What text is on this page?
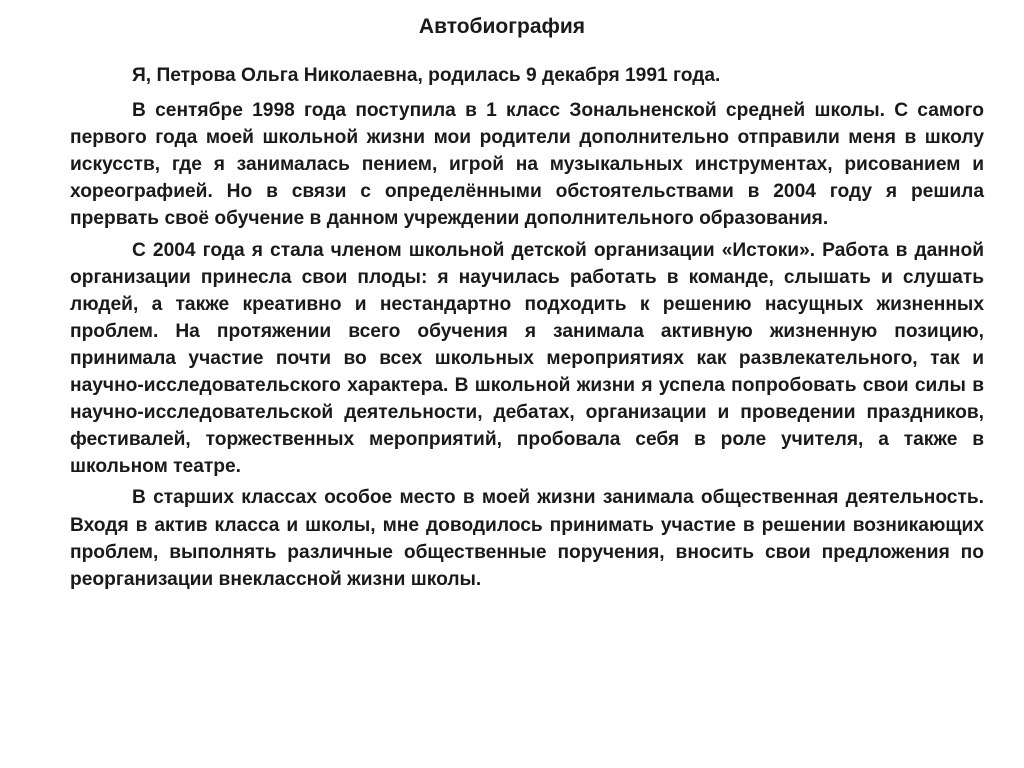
Автобиография

Я, Петрова Ольга Николаевна, родилась 9 декабря 1991 года.

В сентябре 1998 года поступила в 1 класс Зональненской средней школы. С самого первого года моей школьной жизни мои родители дополнительно отправили меня в школу искусств, где я занималась пением, игрой на музыкальных инструментах, рисованием и хореографией. Но в связи с определёнными обстоятельствами в 2004 году я решила прервать своё обучение в данном учреждении дополнительного образования.

С 2004 года я стала членом школьной детской организации «Истоки». Работа в данной организации принесла свои плоды: я научилась работать в команде, слышать и слушать людей, а также креативно и нестандартно подходить к решению насущных жизненных проблем. На протяжении всего обучения я занимала активную жизненную позицию, принимала участие почти во всех школьных мероприятиях как развлекательного, так и научно-исследовательского характера. В школьной жизни я успела попробовать свои силы в научно-исследовательской деятельности, дебатах, организации и проведении праздников, фестивалей, торжественных мероприятий, пробовала себя в роле учителя, а также в школьном театре.

В старших классах особое место в моей жизни занимала общественная деятельность. Входя в актив класса и школы, мне доводилось принимать участие в решении возникающих проблем, выполнять различные общественные поручения, вносить свои предложения по реорганизации внеклассной жизни школы.
